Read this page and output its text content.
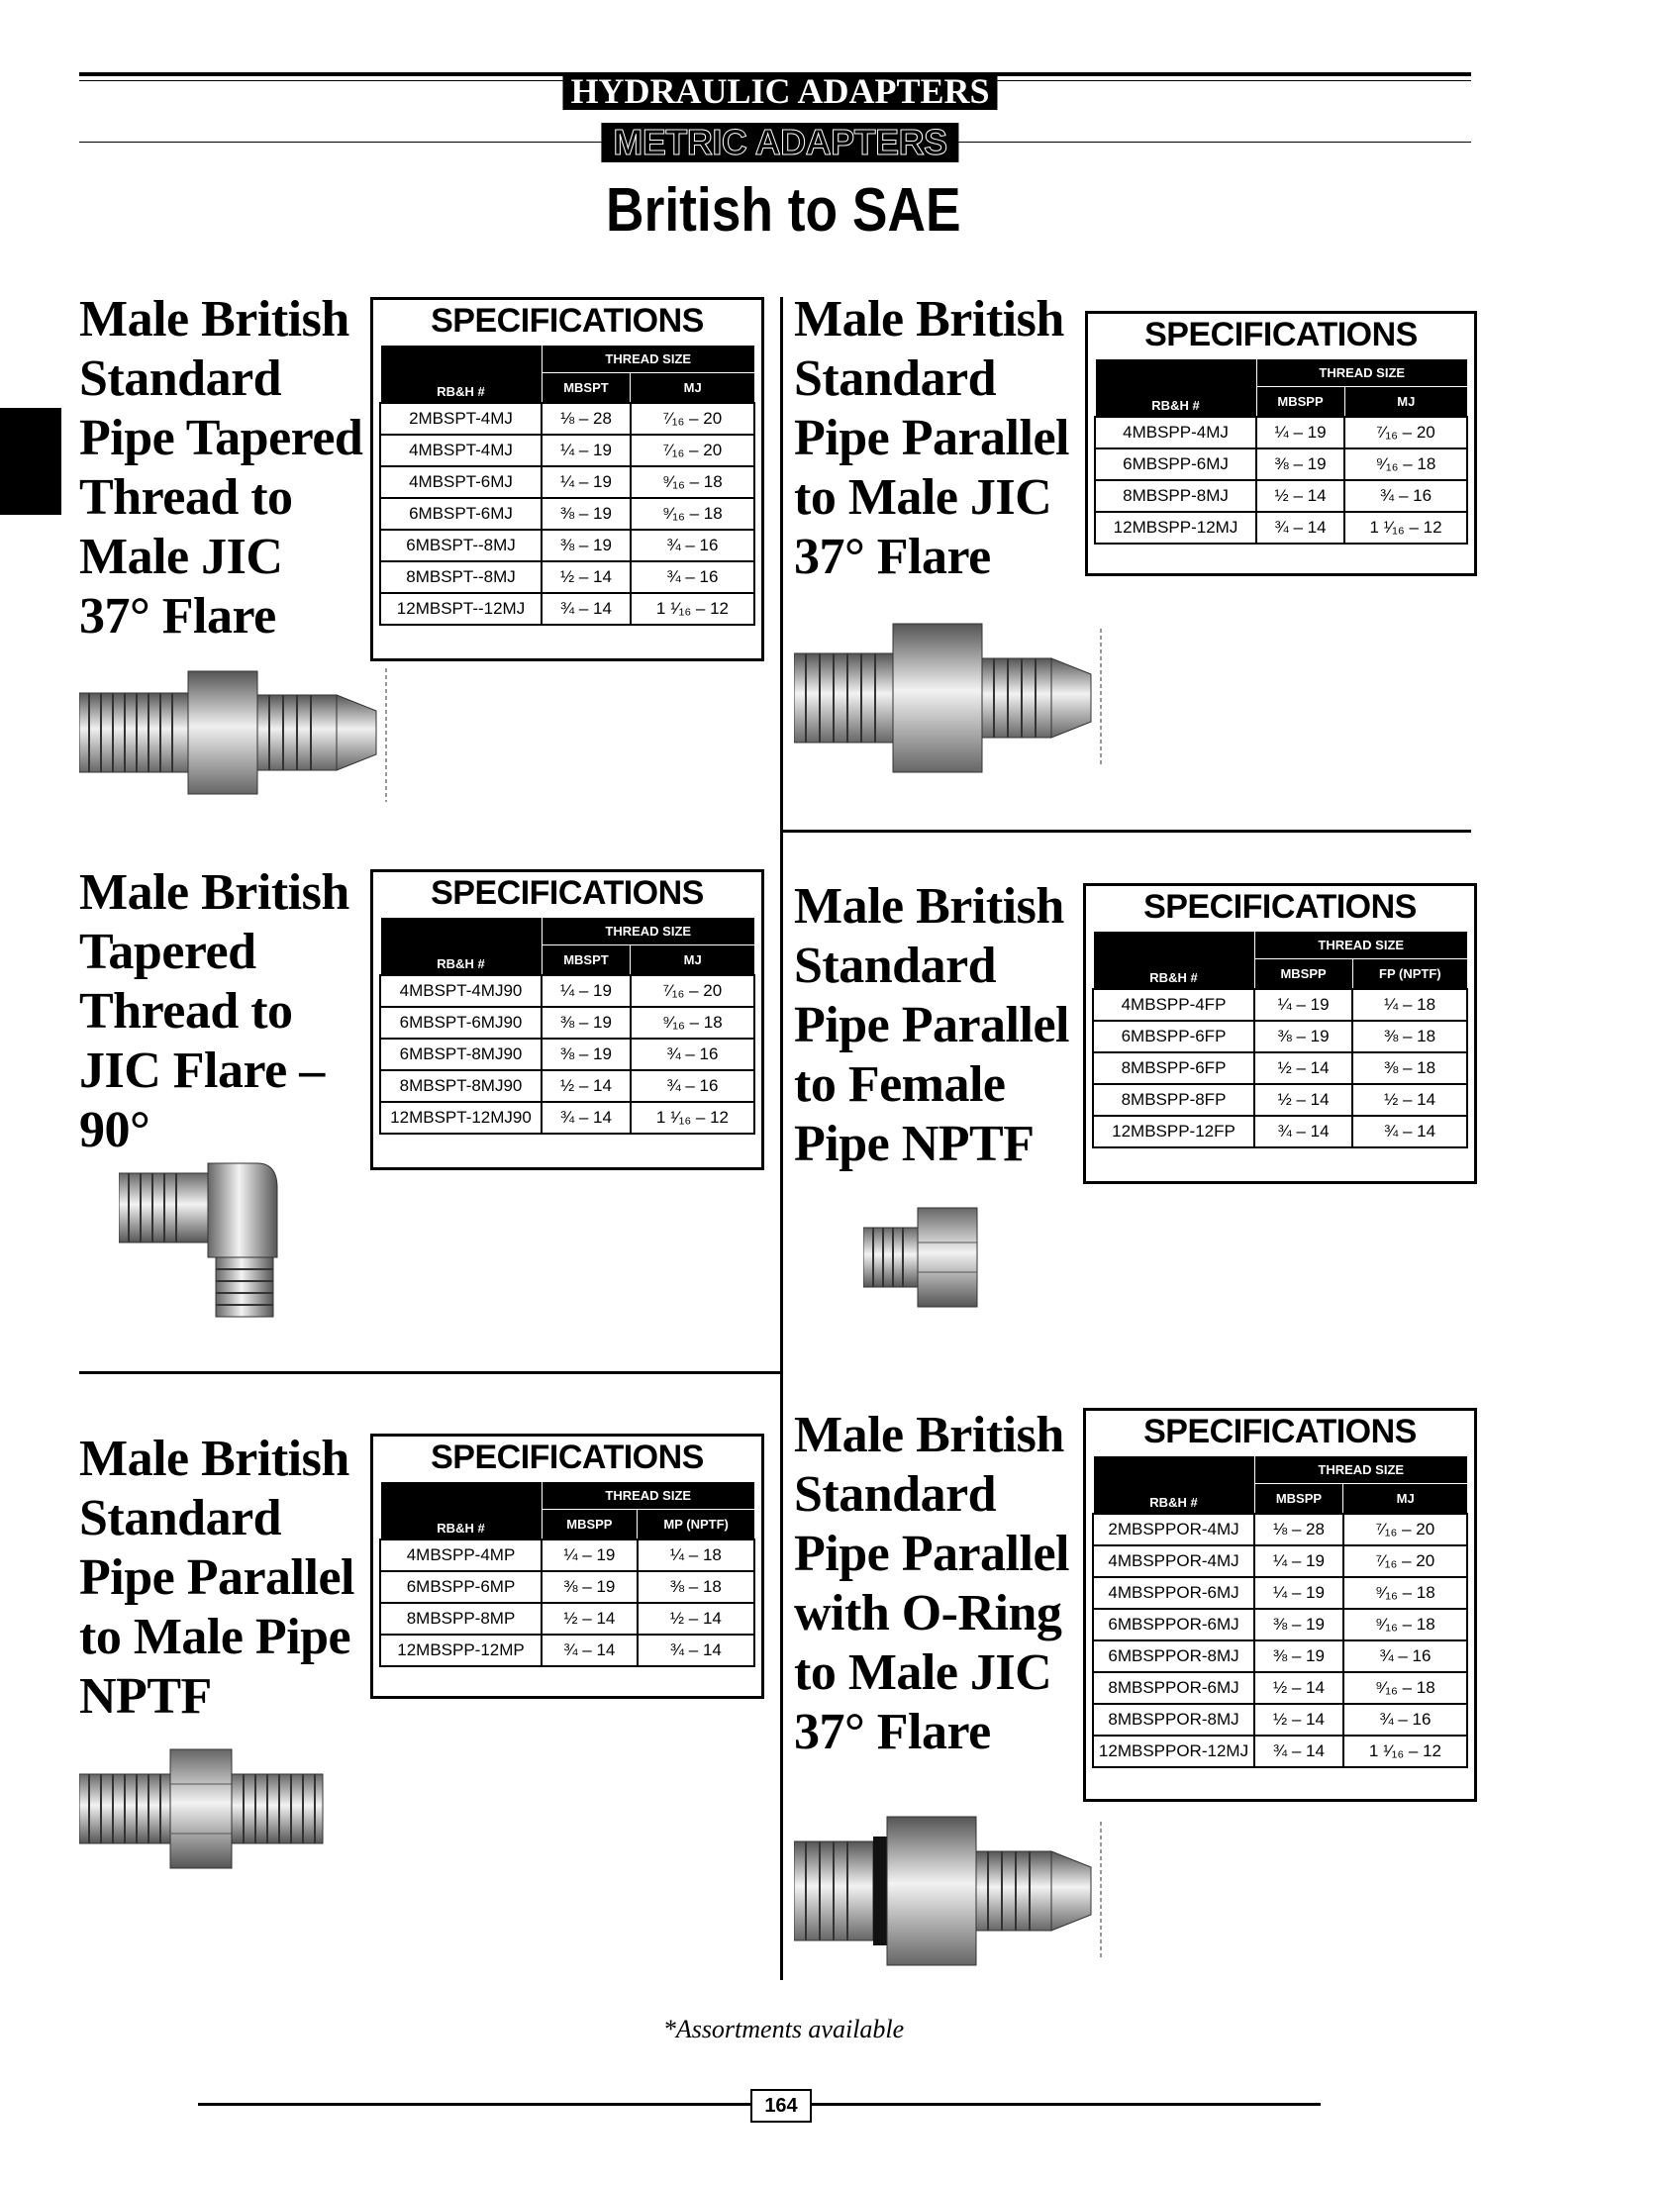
HYDRAULIC ADAPTERS
METRIC ADAPTERS
British to SAE
Male British
Standard
Pipe Tapered
Thread to
Male JIC
37° Flare
SPECIFICATIONS
RB&H #	THREAD SIZE	
	MBSPT	MJ
2MBSPT-4MJ	⅛ – 28	⁷⁄₁₆ – 20
4MBSPT-4MJ	¼ – 19	⁷⁄₁₆ – 20
4MBSPT-6MJ	¼ – 19	⁹⁄₁₆ – 18
6MBSPT-6MJ	⅜ – 19	⁹⁄₁₆ – 18
6MBSPT--8MJ	⅜ – 19	¾ – 16
8MBSPT--8MJ	½ – 14	¾ – 16
12MBSPT--12MJ	¾ – 14	1 ¹⁄₁₆ – 12
Male British
Standard
Pipe Parallel
to Male JIC
37° Flare
SPECIFICATIONS
RB&H #	THREAD SIZE	
	MBSPP	MJ
4MBSPP-4MJ	¼ – 19	⁷⁄₁₆ – 20
6MBSPP-6MJ	⅜ – 19	⁹⁄₁₆ – 18
8MBSPP-8MJ	½ – 14	¾ – 16
12MBSPP-12MJ	¾ – 14	1 ¹⁄₁₆ – 12
Male British
Tapered
Thread to
JIC Flare –
90°
SPECIFICATIONS
RB&H #	THREAD SIZE	
	MBSPT	MJ
4MBSPT-4MJ90	¼ – 19	⁷⁄₁₆ – 20
6MBSPT-6MJ90	⅜ – 19	⁹⁄₁₆ – 18
6MBSPT-8MJ90	⅜ – 19	¾ – 16
8MBSPT-8MJ90	½ – 14	¾ – 16
12MBSPT-12MJ90	¾ – 14	1 ¹⁄₁₆ – 12
Male British
Standard
Pipe Parallel
to Female
Pipe NPTF
SPECIFICATIONS
RB&H #	THREAD SIZE	
	MBSPP	FP (NPTF)
4MBSPP-4FP	¼ – 19	¼ – 18
6MBSPP-6FP	⅜ – 19	⅜ – 18
8MBSPP-6FP	½ – 14	⅜ – 18
8MBSPP-8FP	½ – 14	½ – 14
12MBSPP-12FP	¾ – 14	¾ – 14
Male British
Standard
Pipe Parallel
to Male Pipe
NPTF
SPECIFICATIONS
RB&H #	THREAD SIZE	
	MBSPP	MP (NPTF)
4MBSPP-4MP	¼ – 19	¼ – 18
6MBSPP-6MP	⅜ – 19	⅜ – 18
8MBSPP-8MP	½ – 14	½ – 14
12MBSPP-12MP	¾ – 14	¾ – 14
Male British
Standard
Pipe Parallel
with O-Ring
to Male JIC
37° Flare
SPECIFICATIONS
RB&H #	THREAD SIZE	
	MBSPP	MJ
2MBSPPOR-4MJ	⅛ – 28	⁷⁄₁₆ – 20
4MBSPPOR-4MJ	¼ – 19	⁷⁄₁₆ – 20
4MBSPPOR-6MJ	¼ – 19	⁹⁄₁₆ – 18
6MBSPPOR-6MJ	⅜ – 19	⁹⁄₁₆ – 18
6MBSPPOR-8MJ	⅜ – 19	¾ – 16
8MBSPPOR-6MJ	½ – 14	⁹⁄₁₆ – 18
8MBSPPOR-8MJ	½ – 14	¾ – 16
12MBSPPOR-12MJ	¾ – 14	1 ¹⁄₁₆ – 12
*Assortments available
164
